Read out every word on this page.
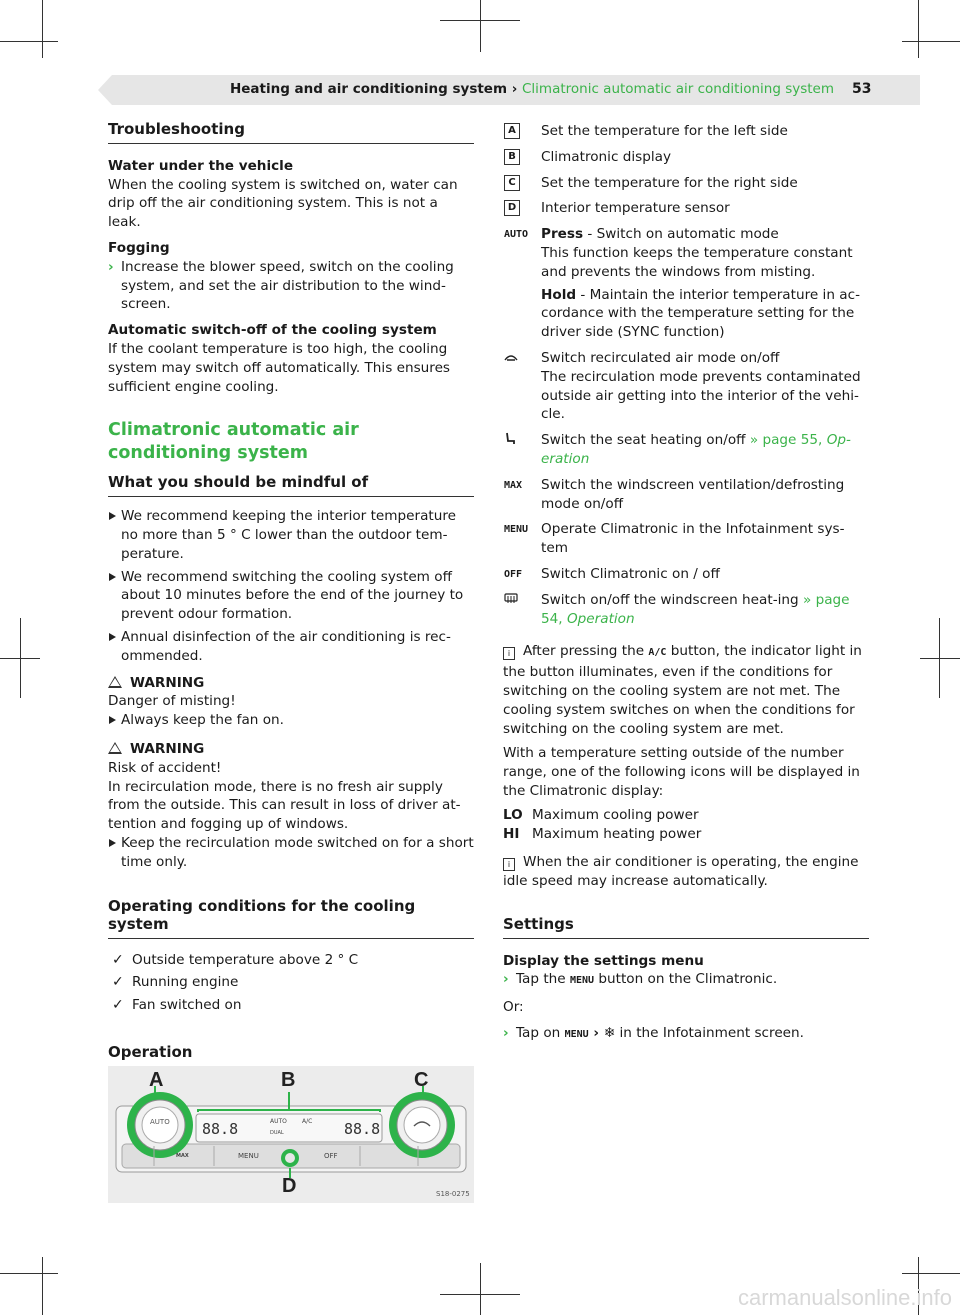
Heating and air conditioning system › Climatronic automatic air conditioning system 53

Troubleshooting

Water under the vehicle

When the cooling system is switched on, water can drip off the air conditioning system. This is not a leak.

Fogging

› Increase the blower speed, switch on the cooling system, and set the air distribution to the wind-screen.

Automatic switch-off of the cooling system

If the coolant temperature is too high, the cooling system may switch off automatically. This ensures sufficient engine cooling.

Climatronic automatic air conditioning system

What you should be mindful of

We recommend keeping the interior temperature no more than 5 ° C lower than the outdoor tem-perature.

We recommend switching the cooling system off about 10 minutes before the end of the journey to prevent odour formation.

Annual disinfection of the air conditioning is rec-ommended.

WARNING

Danger of misting!

Always keep the fan on.

WARNING

Risk of accident!

In recirculation mode, there is no fresh air supply from the outside. This can result in loss of driver at-tention and fogging up of windows.

Keep the recirculation mode switched on for a short time only.

Operating conditions for the cooling system

✓ Outside temperature above 2 ° C

✓ Running engine

✓ Fan switched on

Operation

A	B	C
D
AUTO 88.8	88.8
AUTO	A/C
DUAL
MAX	MENU	OFF
S18-0275

A	Set the temperature for the left side

B	Climatronic display

C	Set the temperature for the right side

D Interior temperature sensor

AUTO Press - Switch on automatic mode

This function keeps the temperature constant and prevents the windows from misting.

Hold - Maintain the interior temperature in ac-cordance with the temperature setting for the driver side (SYNC function)

Switch recirculated air mode on/off

The recirculation mode prevents contaminated outside air getting into the interior of the vehi-cle.

Switch the seat heating on/off » page 55, Op-eration

MAX Switch the windscreen ventilation/defrosting mode on/off

MENU Operate Climatronic in the Infotainment sys-tem

OFF Switch Climatronic on / off

Switch on/off the windscreen heat-ing » page 54, Operation

i After pressing the A/C button, the indicator light in the button illuminates, even if the conditions for switching on the cooling system are not met. The cooling system switches on when the conditions for switching on the cooling system are met.

With a temperature setting outside of the number range, one of the following icons will be displayed in the Climatronic display:

LO Maximum cooling power

HI Maximum heating power

i When the air conditioner is operating, the engine idle speed may increase automatically.

Settings

Display the settings menu

› Tap the MENU button on the Climatronic.

Or:

› Tap on MENU › ❄ in the Infotainment screen.

carmanualsonline.info
